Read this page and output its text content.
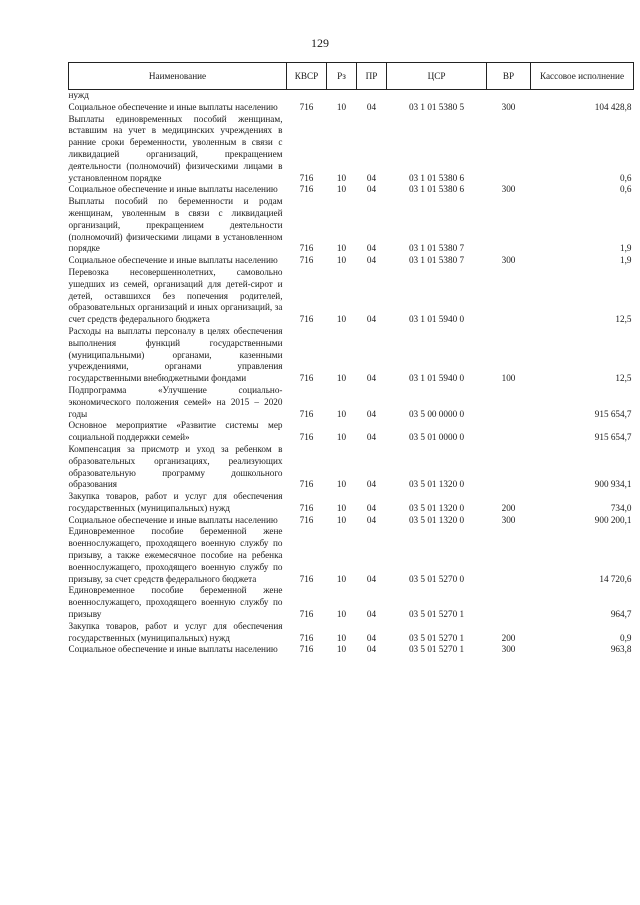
129
Наименование	КВСР	Рз	ПР	ЦСР	ВР	Кассовое исполнение
нужд						
Социальное обеспечение и иные выплаты населению	716	10	04	03 1 01 5380 5	300	104 428,8
Выплаты единовременных пособий женщинам, вставшим на учет в медицинских учреждениях в ранние сроки беременности, уволенным в связи с ликвидацией организаций, прекращением деятельности (полномочий) физическими лицами в установленном порядке	716	10	04	03 1 01 5380 6		0,6
Социальное обеспечение и иные выплаты населению	716	10	04	03 1 01 5380 6	300	0,6
Выплаты пособий по беременности и родам женщинам, уволенным в связи с ликвидацией организаций, прекращением деятельности (полномочий) физическими лицами в установленном порядке	716	10	04	03 1 01 5380 7		1,9
Социальное обеспечение и иные выплаты населению	716	10	04	03 1 01 5380 7	300	1,9
Перевозка несовершеннолетних, самовольно ушедших из семей, организаций для детей-сирот и детей, оставшихся без попечения родителей, образовательных организаций и иных организаций, за счет средств федерального бюджета	716	10	04	03 1 01 5940 0		12,5
Расходы на выплаты персоналу в целях обеспечения выполнения функций государственными (муниципальными) органами, казенными учреждениями, органами управления государственными внебюджетными фондами	716	10	04	03 1 01 5940 0	100	12,5
Подпрограмма «Улучшение социально-экономического положения семей» на 2015 – 2020 годы	716	10	04	03 5 00 0000 0		915 654,7
Основное мероприятие «Развитие системы мер социальной поддержки семей»	716	10	04	03 5 01 0000 0		915 654,7
Компенсация за присмотр и уход за ребенком в образовательных организациях, реализующих образовательную программу дошкольного образования	716	10	04	03 5 01 1320 0		900 934,1
Закупка товаров, работ и услуг для обеспечения государственных (муниципальных) нужд	716	10	04	03 5 01 1320 0	200	734,0
Социальное обеспечение и иные выплаты населению	716	10	04	03 5 01 1320 0	300	900 200,1
Единовременное пособие беременной жене военнослужащего, проходящего военную службу по призыву, а также ежемесячное пособие на ребенка военнослужащего, проходящего военную службу по призыву, за счет средств федерального бюджета	716	10	04	03 5 01 5270 0		14 720,6
Единовременное пособие беременной жене военнослужащего, проходящего военную службу по призыву	716	10	04	03 5 01 5270 1		964,7
Закупка товаров, работ и услуг для обеспечения государственных (муниципальных) нужд	716	10	04	03 5 01 5270 1	200	0,9
Социальное обеспечение и иные выплаты населению	716	10	04	03 5 01 5270 1	300	963,8
